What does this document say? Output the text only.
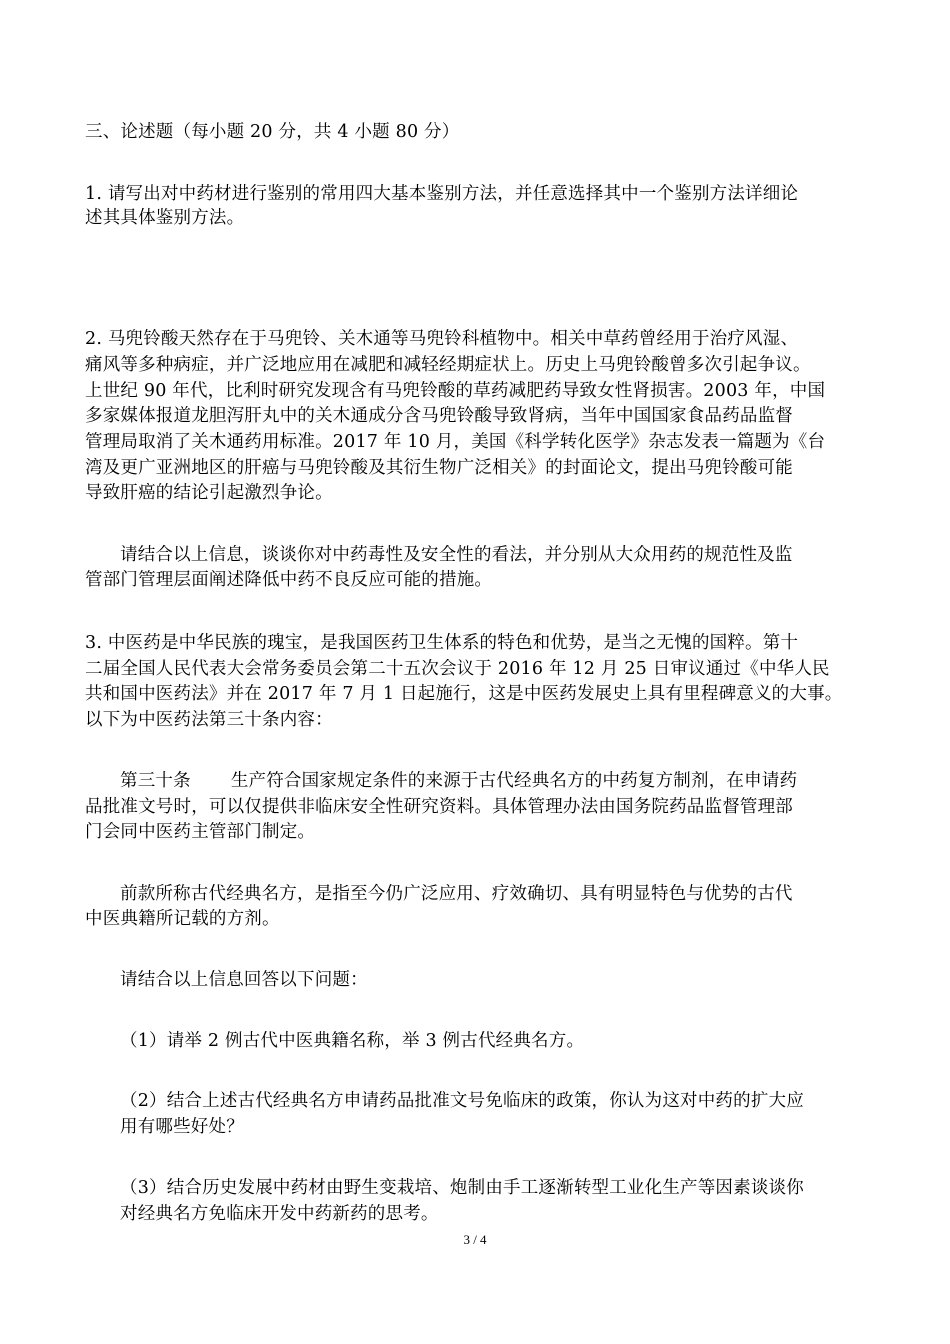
三、论述题（每小题 20 分，共 4 小题 80 分）
1. 请写出对中药材进行鉴别的常用四大基本鉴别方法，并任意选择其中一个鉴别方法详细论
述其具体鉴别方法。
2. 马兜铃酸天然存在于马兜铃、关木通等马兜铃科植物中。相关中草药曾经用于治疗风湿、
痛风等多种病症，并广泛地应用在减肥和减轻经期症状上。历史上马兜铃酸曾多次引起争议。
上世纪 90 年代，比利时研究发现含有马兜铃酸的草药减肥药导致女性肾损害。2003 年，中国
多家媒体报道龙胆泻肝丸中的关木通成分含马兜铃酸导致肾病，当年中国国家食品药品监督
管理局取消了关木通药用标准。2017 年 10 月，美国《科学转化医学》杂志发表一篇题为《台
湾及更广亚洲地区的肝癌与马兜铃酸及其衍生物广泛相关》的封面论文，提出马兜铃酸可能
导致肝癌的结论引起激烈争论。
请结合以上信息，谈谈你对中药毒性及安全性的看法，并分别从大众用药的规范性及监
管部门管理层面阐述降低中药不良反应可能的措施。
3. 中医药是中华民族的瑰宝，是我国医药卫生体系的特色和优势，是当之无愧的国粹。第十
二届全国人民代表大会常务委员会第二十五次会议于 2016 年 12 月 25 日审议通过《中华人民
共和国中医药法》并在 2017 年 7 月 1 日起施行，这是中医药发展史上具有里程碑意义的大事。
以下为中医药法第三十条内容：
第三十条 生产符合国家规定条件的来源于古代经典名方的中药复方制剂，在申请药
品批准文号时，可以仅提供非临床安全性研究资料。具体管理办法由国务院药品监督管理部
门会同中医药主管部门制定。
前款所称古代经典名方，是指至今仍广泛应用、疗效确切、具有明显特色与优势的古代
中医典籍所记载的方剂。
请结合以上信息回答以下问题：
（1）请举 2 例古代中医典籍名称，举 3 例古代经典名方。
（2）结合上述古代经典名方申请药品批准文号免临床的政策，你认为这对中药的扩大应
用有哪些好处？
（3）结合历史发展中药材由野生变栽培、炮制由手工逐渐转型工业化生产等因素谈谈你
对经典名方免临床开发中药新药的思考。
3 / 4
